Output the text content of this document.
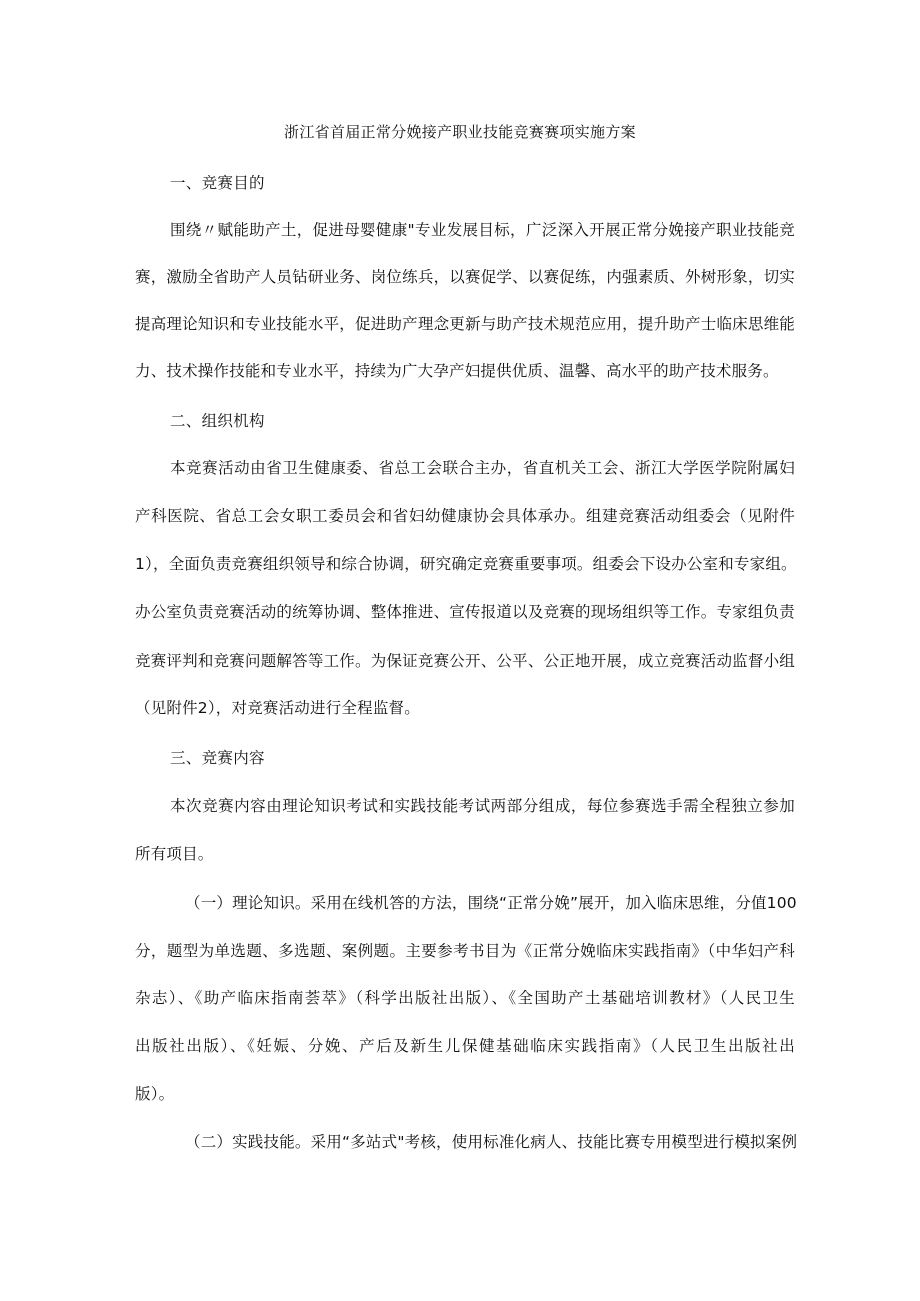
浙江省首届正常分娩接产职业技能竞赛赛项实施方案
一、竞赛目的
围绕〃赋能助产土，促进母婴健康"专业发展目标，广泛深入开展正常分娩接产职业技能竞
赛，激励全省助产人员钻研业务、岗位练兵，以赛促学、以赛促练，内强素质、外树形象，切实
提高理论知识和专业技能水平，促进助产理念更新与助产技术规范应用，提升助产士临床思维能
力、技术操作技能和专业水平，持续为广大孕产妇提供优质、温馨、高水平的助产技术服务。
二、组织机构
本竞赛活动由省卫生健康委、省总工会联合主办，省直机关工会、浙江大学医学院附属妇
产科医院、省总工会女职工委员会和省妇幼健康协会具体承办。组建竞赛活动组委会（见附件
1），全面负责竞赛组织领导和综合协调，研究确定竞赛重要事项。组委会下设办公室和专家组。
办公室负责竞赛活动的统筹协调、整体推进、宣传报道以及竞赛的现场组织等工作。专家组负责
竞赛评判和竞赛问题解答等工作。为保证竞赛公开、公平、公正地开展，成立竞赛活动监督小组
（见附件2），对竞赛活动进行全程监督。
三、竞赛内容
本次竞赛内容由理论知识考试和实践技能考试两部分组成，每位参赛选手需全程独立参加
所有项目。
（一）理论知识。采用在线机答的方法，围绕“正常分娩”展开，加入临床思维，分值100
分，题型为单选题、多选题、案例题。主要参考书目为《正常分娩临床实践指南》（中华妇产科
杂志）、《助产临床指南荟萃》（科学出版社出版）、《全国助产土基础培训教材》（人民卫生
出版社出版）、《妊娠、分娩、产后及新生儿保健基础临床实践指南》（人民卫生出版社出
版）。
（二）实践技能。采用“多站式"考核，使用标准化病人、技能比赛专用模型进行模拟案例
